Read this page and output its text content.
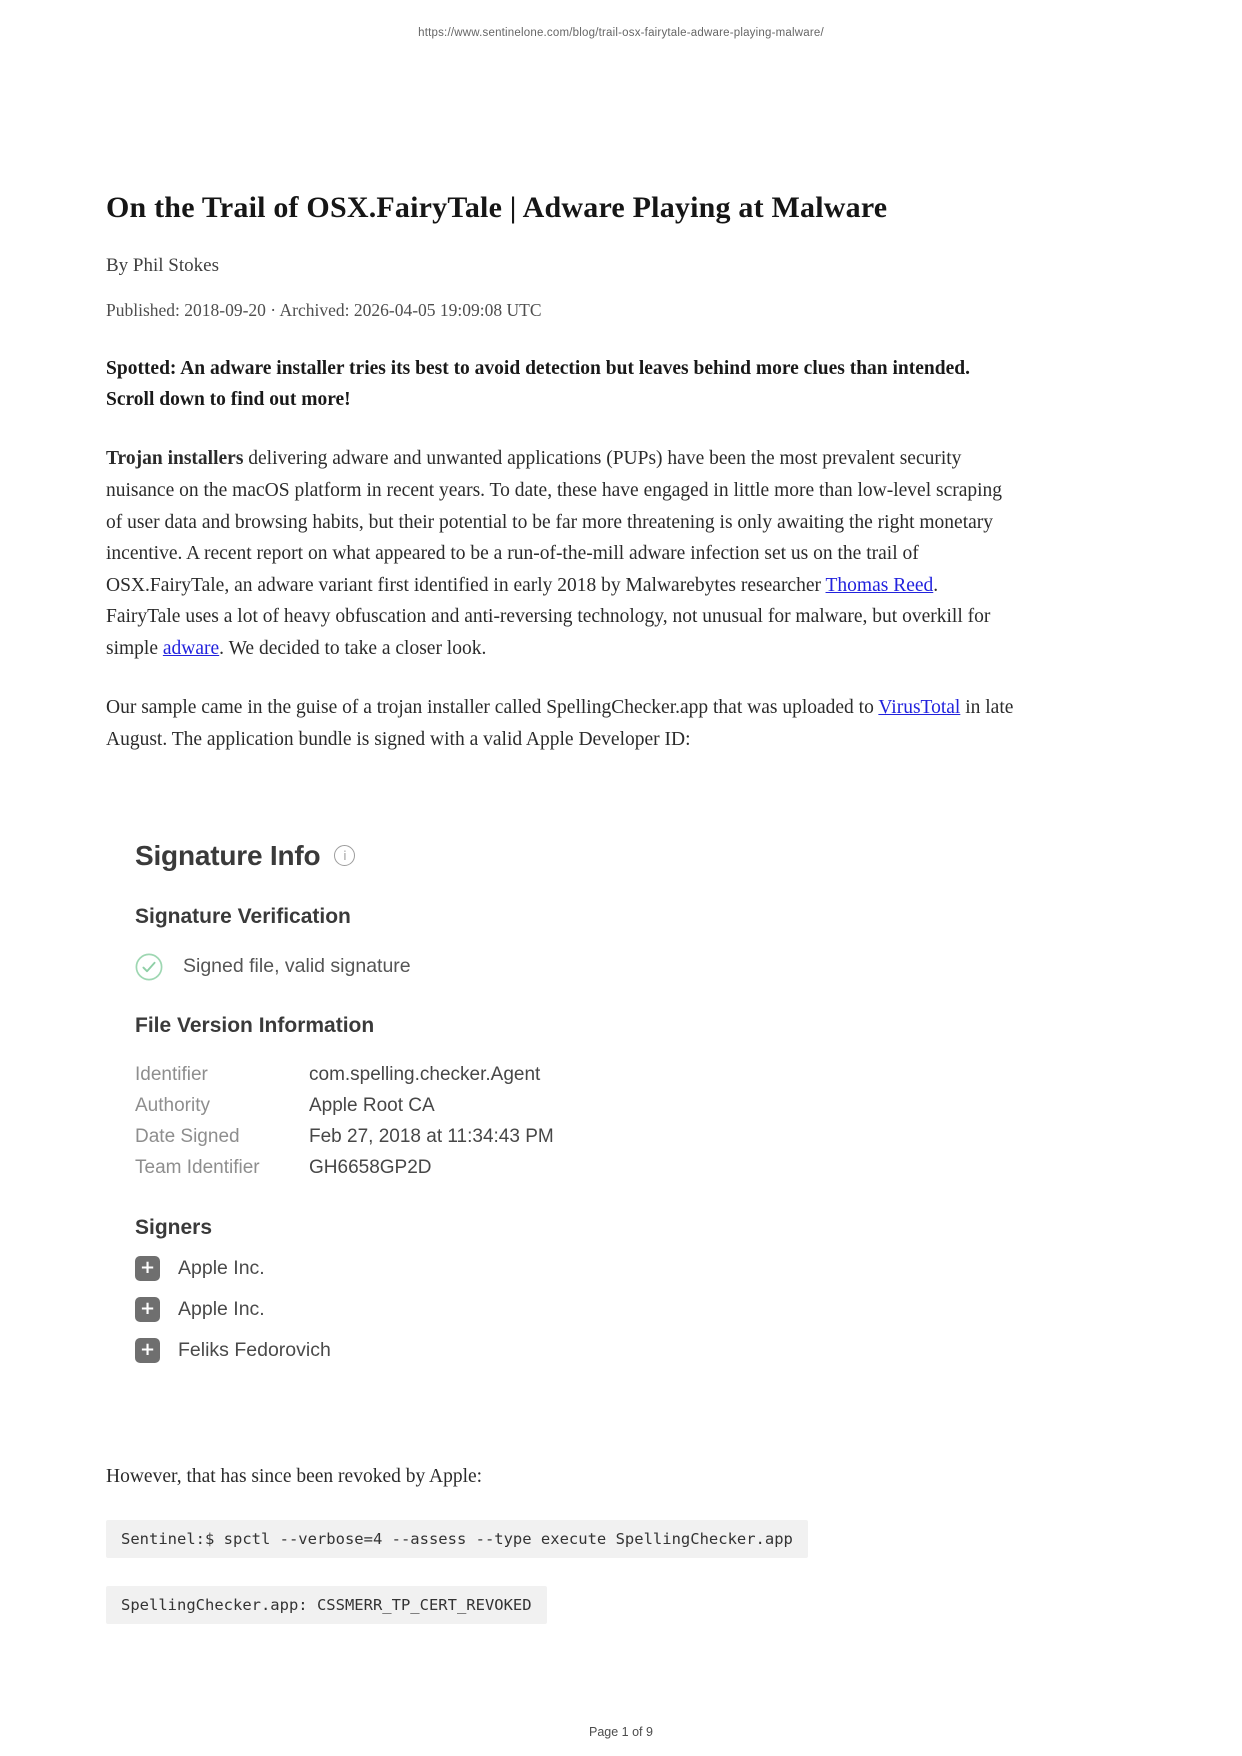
https://www.sentinelone.com/blog/trail-osx-fairytale-adware-playing-malware/
On the Trail of OSX.FairyTale | Adware Playing at Malware
By Phil Stokes
Published: 2018-09-20 · Archived: 2026-04-05 19:09:08 UTC

Spotted: An adware installer tries its best to avoid detection but leaves behind more clues than intended. Scroll down to find out more!

Trojan installers delivering adware and unwanted applications (PUPs) have been the most prevalent security nuisance on the macOS platform in recent years. To date, these have engaged in little more than low-level scraping of user data and browsing habits, but their potential to be far more threatening is only awaiting the right monetary incentive. A recent report on what appeared to be a run-of-the-mill adware infection set us on the trail of OSX.FairyTale, an adware variant first identified in early 2018 by Malwarebytes researcher Thomas Reed. FairyTale uses a lot of heavy obfuscation and anti-reversing technology, not unusual for malware, but overkill for simple adware. We decided to take a closer look.

Our sample came in the guise of a trojan installer called SpellingChecker.app that was uploaded to VirusTotal in late August. The application bundle is signed with a valid Apple Developer ID:

Signature Info	i
Signature Verification
Signed file, valid signature
File Version Information
Identifier	com.spelling.checker.Agent
Authority	Apple Root CA
Date Signed	Feb 27, 2018 at 11:34:43 PM
Team Identifier	GH6658GP2D
Signers
+ Apple Inc.
+ Apple Inc.
+ Feliks Fedorovich

However, that has since been revoked by Apple:

Sentinel:$ spctl --verbose=4 --assess --type execute SpellingChecker.app
SpellingChecker.app: CSSMERR_TP_CERT_REVOKED
Page 1 of 9
